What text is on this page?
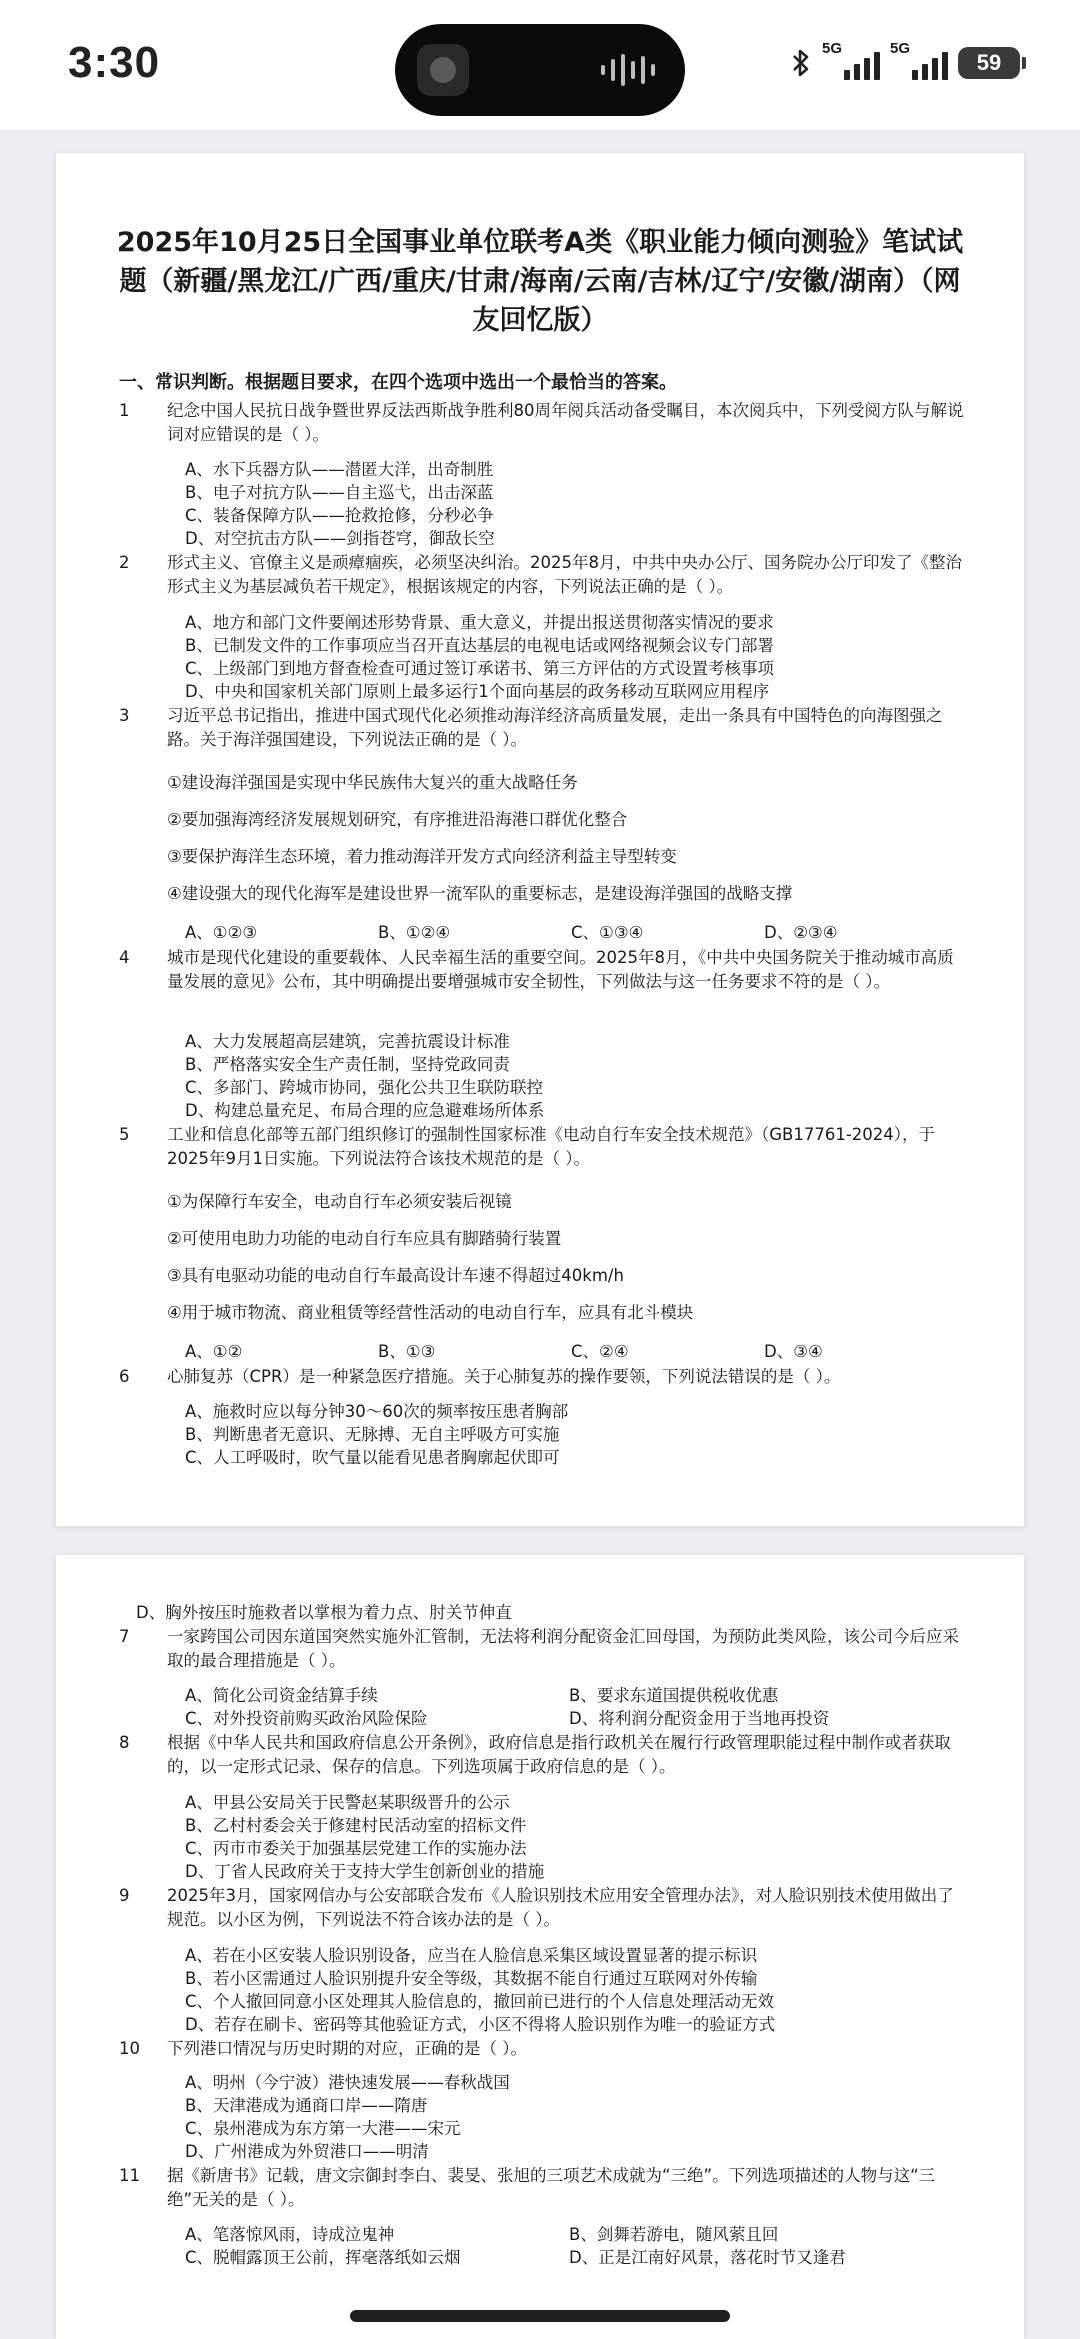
3:30	5G	5G
59
2025年10月25日全国事业单位联考A类《职业能力倾向测验》笔试试题（新疆/黑龙江/广西/重庆/甘肃/海南/云南/吉林/辽宁/安徽/湖南）（网友回忆版）
一、常识判断。根据题目要求，在四个选项中选出一个最恰当的答案。
1	纪念中国人民抗日战争暨世界反法西斯战争胜利80周年阅兵活动备受瞩目，本次阅兵中，下列受阅方队与解说词对应错误的是（ ）。
A、水下兵器方队——潜匿大洋，出奇制胜
B、电子对抗方队——自主巡弋，出击深蓝
C、装备保障方队——抢救抢修，分秒必争
D、对空抗击方队——剑指苍穹，御敌长空
2	形式主义、官僚主义是顽瘴痼疾，必须坚决纠治。2025年8月，中共中央办公厅、国务院办公厅印发了《整治形式主义为基层减负若干规定》，根据该规定的内容，下列说法正确的是（ ）。
A、地方和部门文件要阐述形势背景、重大意义，并提出报送贯彻落实情况的要求
B、已制发文件的工作事项应当召开直达基层的电视电话或网络视频会议专门部署
C、上级部门到地方督查检查可通过签订承诺书、第三方评估的方式设置考核事项
D、中央和国家机关部门原则上最多运行1个面向基层的政务移动互联网应用程序
3	习近平总书记指出，推进中国式现代化必须推动海洋经济高质量发展，走出一条具有中国特色的向海图强之路。关于海洋强国建设，下列说法正确的是（ ）。
①建设海洋强国是实现中华民族伟大复兴的重大战略任务
②要加强海湾经济发展规划研究，有序推进沿海港口群优化整合
③要保护海洋生态环境，着力推动海洋开发方式向经济利益主导型转变
④建设强大的现代化海军是建设世界一流军队的重要标志，是建设海洋强国的战略支撑
A、①②③	B、①②④	C、①③④	D、②③④
4	城市是现代化建设的重要载体、人民幸福生活的重要空间。2025年8月，《中共中央国务院关于推动城市高质量发展的意见》公布，其中明确提出要增强城市安全韧性，下列做法与这一任务要求不符的是（ ）。
A、大力发展超高层建筑，完善抗震设计标准
B、严格落实安全生产责任制，坚持党政同责
C、多部门、跨城市协同，强化公共卫生联防联控
D、构建总量充足、布局合理的应急避难场所体系
5	工业和信息化部等五部门组织修订的强制性国家标准《电动自行车安全技术规范》（GB17761-2024），于2025年9月1日实施。下列说法符合该技术规范的是（ ）。
①为保障行车安全，电动自行车必须安装后视镜
②可使用电助力功能的电动自行车应具有脚踏骑行装置
③具有电驱动功能的电动自行车最高设计车速不得超过40km/h
④用于城市物流、商业租赁等经营性活动的电动自行车，应具有北斗模块
A、①②	B、①③	C、②④	D、③④
6	心肺复苏（CPR）是一种紧急医疗措施。关于心肺复苏的操作要领，下列说法错误的是（ ）。
A、施救时应以每分钟30～60次的频率按压患者胸部
B、判断患者无意识、无脉搏、无自主呼吸方可实施
C、人工呼吸时，吹气量以能看见患者胸廓起伏即可
D、胸外按压时施救者以掌根为着力点、肘关节伸直
7	一家跨国公司因东道国突然实施外汇管制，无法将利润分配资金汇回母国，为预防此类风险，该公司今后应采取的最合理措施是（ ）。
A、简化公司资金结算手续	B、要求东道国提供税收优惠
C、对外投资前购买政治风险保险	D、将利润分配资金用于当地再投资
8	根据《中华人民共和国政府信息公开条例》，政府信息是指行政机关在履行行政管理职能过程中制作或者获取的，以一定形式记录、保存的信息。下列选项属于政府信息的是（ ）。
A、甲县公安局关于民警赵某职级晋升的公示
B、乙村村委会关于修建村民活动室的招标文件
C、丙市市委关于加强基层党建工作的实施办法
D、丁省人民政府关于支持大学生创新创业的措施
9	2025年3月，国家网信办与公安部联合发布《人脸识别技术应用安全管理办法》，对人脸识别技术使用做出了规范。以小区为例，下列说法不符合该办法的是（ ）。
A、若在小区安装人脸识别设备，应当在人脸信息采集区域设置显著的提示标识
B、若小区需通过人脸识别提升安全等级，其数据不能自行通过互联网对外传输
C、个人撤回同意小区处理其人脸信息的，撤回前已进行的个人信息处理活动无效
D、若存在刷卡、密码等其他验证方式，小区不得将人脸识别作为唯一的验证方式
10	下列港口情况与历史时期的对应，正确的是（ ）。
A、明州（今宁波）港快速发展——春秋战国
B、天津港成为通商口岸——隋唐
C、泉州港成为东方第一大港——宋元
D、广州港成为外贸港口——明清
11	据《新唐书》记载，唐文宗御封李白、裴旻、张旭的三项艺术成就为“三绝”。下列选项描述的人物与这“三绝”无关的是（ ）。
A、笔落惊风雨，诗成泣鬼神	B、剑舞若游电，随风萦且回
C、脱帽露顶王公前，挥毫落纸如云烟	D、正是江南好风景，落花时节又逢君
